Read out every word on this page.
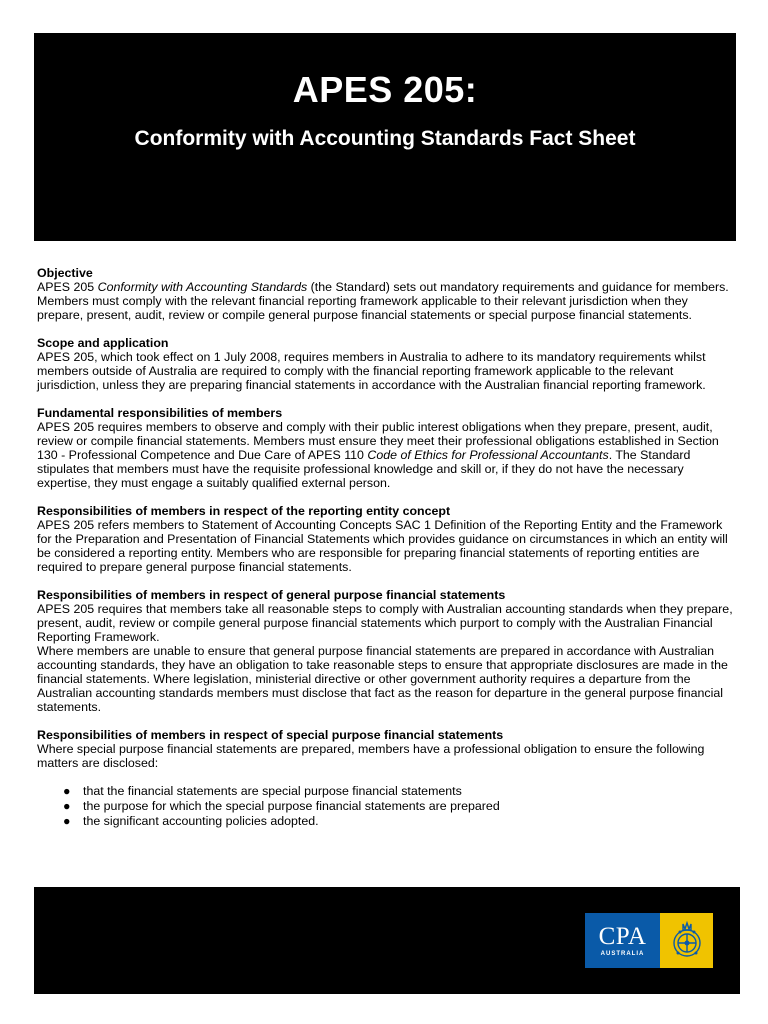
APES 205:
Conformity with Accounting Standards Fact Sheet
Objective

APES 205 Conformity with Accounting Standards (the Standard) sets out mandatory requirements and guidance for members. Members must comply with the relevant financial reporting framework applicable to their relevant jurisdiction when they prepare, present, audit, review or compile general purpose financial statements or special purpose financial statements.

Scope and application

APES 205, which took effect on 1 July 2008, requires members in Australia to adhere to its mandatory requirements whilst members outside of Australia are required to comply with the financial reporting framework applicable to the relevant jurisdiction, unless they are preparing financial statements in accordance with the Australian financial reporting framework.

Fundamental responsibilities of members

APES 205 requires members to observe and comply with their public interest obligations when they prepare, present, audit, review or compile financial statements. Members must ensure they meet their professional obligations established in Section 130 - Professional Competence and Due Care of APES 110 Code of Ethics for Professional Accountants. The Standard stipulates that members must have the requisite professional knowledge and skill or, if they do not have the necessary expertise, they must engage a suitably qualified external person.

Responsibilities of members in respect of the reporting entity concept

APES 205 refers members to Statement of Accounting Concepts SAC 1 Definition of the Reporting Entity and the Framework for the Preparation and Presentation of Financial Statements which provides guidance on circumstances in which an entity will be considered a reporting entity. Members who are responsible for preparing financial statements of reporting entities are required to prepare general purpose financial statements.

Responsibilities of members in respect of general purpose financial statements

APES 205 requires that members take all reasonable steps to comply with Australian accounting standards when they prepare, present, audit, review or compile general purpose financial statements which purport to comply with the Australian Financial Reporting Framework.

Where members are unable to ensure that general purpose financial statements are prepared in accordance with Australian accounting standards, they have an obligation to take reasonable steps to ensure that appropriate disclosures are made in the financial statements. Where legislation, ministerial directive or other government authority requires a departure from the Australian accounting standards members must disclose that fact as the reason for departure in the general purpose financial statements.

Responsibilities of members in respect of special purpose financial statements

Where special purpose financial statements are prepared, members have a professional obligation to ensure the following matters are disclosed:

● that the financial statements are special purpose financial statements
● the purpose for which the special purpose financial statements are prepared
● the significant accounting policies adopted.
CPA
AUSTRALIA
